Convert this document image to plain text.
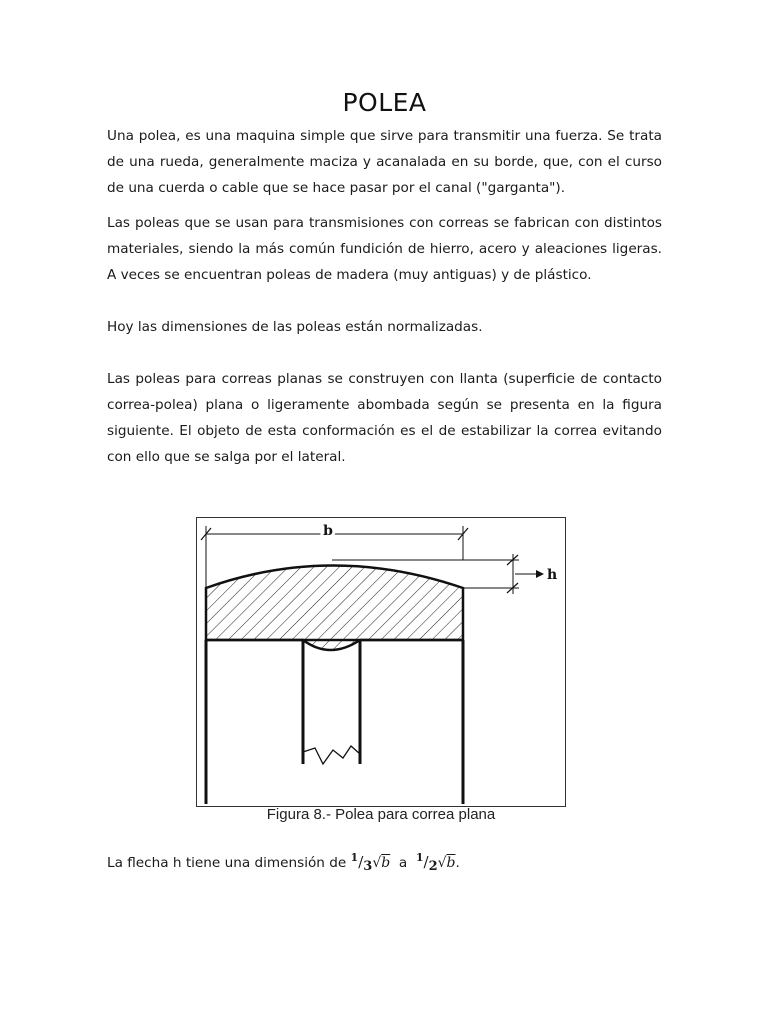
POLEA

Una polea, es una maquina simple que sirve para transmitir una fuerza. Se trata de una rueda, generalmente maciza y acanalada en su borde, que, con el curso de una cuerda o cable que se hace pasar por el canal ("garganta").

Las poleas que se usan para transmisiones con correas se fabrican con distintos materiales, siendo la más común fundición de hierro, acero y aleaciones ligeras. A veces se encuentran poleas de madera (muy antiguas) y de plástico.

Hoy las dimensiones de las poleas están normalizadas.

Las poleas para correas planas se construyen con llanta (superficie de contacto correa-polea) plana o ligeramente abombada según se presenta en la figura siguiente. El objeto de esta conformación es el de estabilizar la correa evitando con ello que se salga por el lateral.

b
h
Figura 8.- Polea para correa plana
La flecha h tiene una dimensión de $^1/_3√b$ a $^1/_2√b$.
